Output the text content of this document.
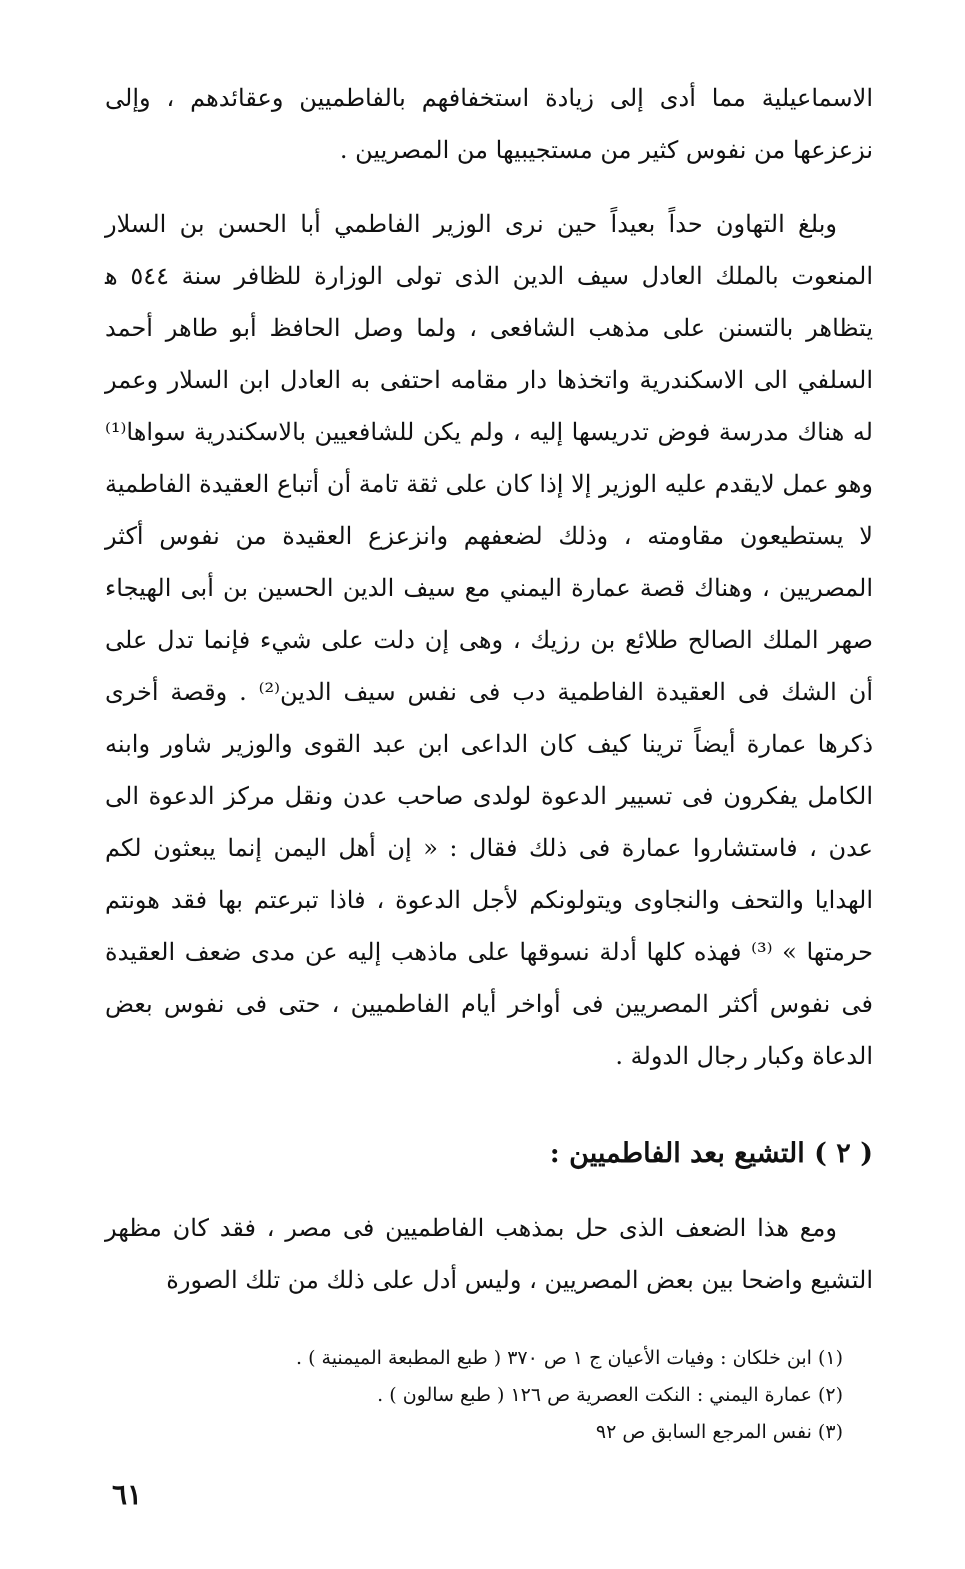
الاسماعيلية مما أدى إلى زيادة استخفافهم بالفاطميين وعقائدهم ، وإلى نزعزعها من نفوس كثير من مستجيبيها من المصريين .

وبلغ التهاون حداً بعيداً حين نرى الوزير الفاطمي أبا الحسن بن السلار المنعوت بالملك العادل سيف الدين الذى تولى الوزارة للظافر سنة ٥٤٤ ﻫ يتظاهر بالتسنن على مذهب الشافعى ، ولما وصل الحافظ أبو طاهر أحمد السلفي الى الاسكندرية واتخذها دار مقامه احتفى به العادل ابن السلار وعمر له هناك مدرسة فوض تدريسها إليه ، ولم يكن للشافعيين بالاسكندرية سواها⁽¹⁾ وهو عمل لايقدم عليه الوزير إلا إذا كان على ثقة تامة أن أتباع العقيدة الفاطمية لا يستطيعون مقاومته ، وذلك لضعفهم وانزعزع العقيدة من نفوس أكثر المصريين ، وهناك قصة عمارة اليمني مع سيف الدين الحسين بن أبى الهيجاء صهر الملك الصالح طلائع بن رزيك ، وهى إن دلت على شيء فإنما تدل على أن الشك فى العقيدة الفاطمية دب فى نفس سيف الدين⁽²⁾ . وقصة أخرى ذكرها عمارة أيضاً ترينا كيف كان الداعى ابن عبد القوى والوزير شاور وابنه الكامل يفكرون فى تسيير الدعوة لولدى صاحب عدن ونقل مركز الدعوة الى عدن ، فاستشاروا عمارة فى ذلك فقال : « إن أهل اليمن إنما يبعثون لكم الهدايا والتحف والنجاوى ويتولونكم لأجل الدعوة ، فاذا تبرعتم بها فقد هونتم حرمتها » ⁽³⁾ فهذه كلها أدلة نسوقها على ماذهب إليه عن مدى ضعف العقيدة فى نفوس أكثر المصريين فى أواخر أيام الفاطميين ، حتى فى نفوس بعض الدعاة وكبار رجال الدولة .

( ٢ ) التشيع بعد الفاطميين :

ومع هذا الضعف الذى حل بمذهب الفاطميين فى مصر ، فقد كان مظهر التشيع واضحا بين بعض المصريين ، وليس أدل على ذلك من تلك الصورة

(١) ابن خلكان : وفيات الأعيان ج ١ ص ٣٧٠ ( طبع المطبعة الميمنية ) .

(٢) عمارة اليمني : النكت العصرية ص ١٢٦ ( طبع سالون ) .

(٣) نفس المرجع السابق ص ٩٢

٦١
